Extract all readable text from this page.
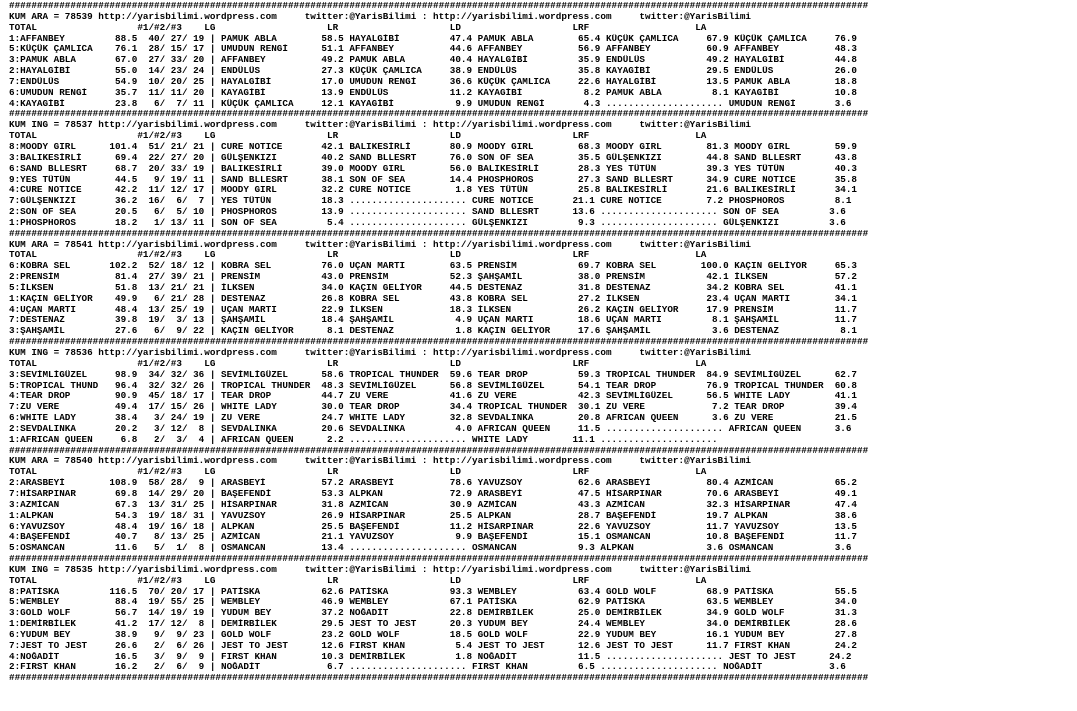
##########################################################################################################################################################
KUM ARA = 78539 http://yarisbilimi.wordpress.com     twitter:@YarisBilimi : http://yarisbilimi.wordpress.com     twitter:@YarisBilimi
TOTAL                  #1/#2/#3    LG                    LR                    LD                    LRF                   LA
1:AFFANBEY         88.5  40/ 27/ 19 | PAMUK ABLA        58.5 HAYALGİBİ         47.4 PAMUK ABLA        65.4 KÜÇÜK ÇAMLICA     67.9 KÜÇÜK ÇAMLICA     76.9
5:KÜÇÜK ÇAMLICA    76.1  28/ 15/ 17 | UMUDUN RENGİ      51.1 AFFANBEY          44.6 AFFANBEY          56.9 AFFANBEY          60.9 AFFANBEY          48.3
3:PAMUK ABLA       67.0  27/ 33/ 20 | AFFANBEY          49.2 PAMUK ABLA        40.4 HAYALGİBİ         35.9 ENDÜLÜS           49.2 HAYALGİBİ         44.8
2:HAYALGİBİ        55.0  14/ 23/ 24 | ENDÜLÜS           27.3 KÜÇÜK ÇAMLICA     38.9 ENDÜLÜS           35.8 KAYAGİBİ          29.5 ENDÜLÜS           26.0
7:ENDÜLÜS          54.9  10/ 20/ 25 | HAYALGİBİ         17.0 UMUDUN RENGİ      36.6 KÜÇÜK ÇAMLICA     22.6 HAYALGİBİ         13.5 PAMUK ABLA        18.8
6:UMUDUN RENGİ     35.7  11/ 11/ 20 | KAYAGİBİ          13.9 ENDÜLÜS           11.2 KAYAGİBİ           8.2 PAMUK ABLA         8.1 KAYAGİBİ          10.8
4:KAYAGİBİ         23.8   6/  7/ 11 | KÜÇÜK ÇAMLICA     12.1 KAYAGİBİ           9.9 UMUDUN RENGİ       4.3 ..................... UMUDUN RENGİ       3.6
##########################################################################################################################################################
KUM ING = 78537 http://yarisbilimi.wordpress.com     twitter:@YarisBilimi : http://yarisbilimi.wordpress.com     twitter:@YarisBilimi
TOTAL                  #1/#2/#3    LG                    LR                    LD                    LRF                   LA
8:MOODY GIRL      101.4  51/ 21/ 21 | CURE NOTICE       42.1 BALIKESİRLİ       80.9 MOODY GIRL        68.3 MOODY GIRL        81.3 MOODY GIRL        59.9
3:BALIKESİRLİ      69.4  22/ 27/ 20 | GÜLŞENKIZI        40.2 SAND BLLESRT      76.0 SON OF SEA        35.5 GÜLŞENKIZI        44.8 SAND BLLESRT      43.8
6:SAND BLLESRT     68.7  20/ 33/ 19 | BALIKESİRLİ       39.0 MOODY GIRL        56.0 BALIKESİRLİ       28.3 YES TÜTÜN         39.3 YES TÜTÜN         40.3
9:YES TÜTÜN        44.5   9/ 19/ 11 | SAND BLLESRT      38.1 SON OF SEA        14.4 PHOSPHOROS        27.3 SAND BLLESRT      34.9 CURE NOTICE       35.8
4:CURE NOTICE      42.2  11/ 12/ 17 | MOODY GIRL        32.2 CURE NOTICE        1.8 YES TÜTÜN         25.8 BALIKESİRLİ       21.6 BALIKESİRLİ       34.1
7:GÜLŞENKIZI       36.2  16/  6/  7 | YES TÜTÜN         18.3 ..................... CURE NOTICE       21.1 CURE NOTICE        7.2 PHOSPHOROS         8.1
2:SON OF SEA       20.5   6/  5/ 10 | PHOSPHOROS        13.9 ..................... SAND BLLESRT      13.6 ..................... SON OF SEA         3.6
1:PHOSPHOROS       18.2   1/ 13/ 11 | SON OF SEA         5.4 ..................... GÜLŞENKIZI         9.3 ..................... GÜLŞENKIZI         3.6
##########################################################################################################################################################
KUM ARA = 78541 http://yarisbilimi.wordpress.com     twitter:@YarisBilimi : http://yarisbilimi.wordpress.com     twitter:@YarisBilimi
TOTAL                  #1/#2/#3    LG                    LR                    LD                    LRF                   LA
6:KOBRA SEL       102.2  52/ 18/ 12 | KOBRA SEL         76.0 UÇAN MARTI        63.5 PRENSİM           69.7 KOBRA SEL        100.0 KAÇIN GELİYOR     65.3
2:PRENSİM          81.4  27/ 39/ 21 | PRENSİM           43.0 PRENSİM           52.3 ŞAHŞAMİL          38.0 PRENSİM           42.1 İLKSEN            57.2
5:İLKSEN           51.8  13/ 21/ 21 | İLKSEN            34.0 KAÇIN GELİYOR     44.5 DESTENAZ          31.8 DESTENAZ          34.2 KOBRA SEL         41.1
1:KAÇIN GELİYOR    49.9   6/ 21/ 28 | DESTENAZ          26.8 KOBRA SEL         43.8 KOBRA SEL         27.2 İLKSEN            23.4 UÇAN MARTI        34.1
4:UÇAN MARTI       48.4  13/ 25/ 19 | UÇAN MARTI        22.9 İLKSEN            18.3 İLKSEN            26.2 KAÇIN GELİYOR     17.9 PRENSİM           11.7
7:DESTENAZ         39.8  19/  3/ 13 | ŞAHŞAMİL          18.4 ŞAHŞAMİL           4.9 UÇAN MARTI        18.6 UÇAN MARTI         8.1 ŞAHŞAMİL          11.7
3:ŞAHŞAMİL         27.6   6/  9/ 22 | KAÇIN GELİYOR      8.1 DESTENAZ           1.8 KAÇIN GELİYOR     17.6 ŞAHŞAMİL           3.6 DESTENAZ           8.1
##########################################################################################################################################################
KUM ING = 78536 http://yarisbilimi.wordpress.com     twitter:@YarisBilimi : http://yarisbilimi.wordpress.com     twitter:@YarisBilimi
TOTAL                  #1/#2/#3    LG                    LR                    LD                    LRF                   LA
3:SEVİMLİGÜZEL     98.9  34/ 32/ 36 | SEVİMLİGÜZEL      58.6 TROPICAL THUNDER  59.6 TEAR DROP         59.3 TROPICAL THUNDER  84.9 SEVİMLİGÜZEL      62.7
5:TROPICAL THUND   96.4  32/ 32/ 26 | TROPICAL THUNDER  48.3 SEVİMLİGÜZEL      56.8 SEVİMLİGÜZEL      54.1 TEAR DROP         76.9 TROPICAL THUNDER  60.8
4:TEAR DROP        90.9  45/ 18/ 17 | TEAR DROP         44.7 ZU VERE           41.6 ZU VERE           42.3 SEVİMLİGÜZEL      56.5 WHITE LADY        41.1
7:ZU VERE          49.4  17/ 15/ 26 | WHITE LADY        30.0 TEAR DROP         34.4 TROPICAL THUNDER  30.1 ZU VERE            7.2 TEAR DROP         39.4
6:WHITE LADY       38.4   3/ 24/ 19 | ZU VERE           24.7 WHITE LADY        32.8 SEVDALINKA        20.8 AFRICAN QUEEN      3.6 ZU VERE           21.5
2:SEVDALINKA       20.2   3/ 12/  8 | SEVDALINKA        20.6 SEVDALINKA         4.0 AFRICAN QUEEN     11.5 ..................... AFRICAN QUEEN      3.6
1:AFRICAN QUEEN     6.8   2/  3/  4 | AFRICAN QUEEN      2.2 ..................... WHITE LADY        11.1 .....................
##########################################################################################################################################################
KUM ARA = 78540 http://yarisbilimi.wordpress.com     twitter:@YarisBilimi : http://yarisbilimi.wordpress.com     twitter:@YarisBilimi
TOTAL                  #1/#2/#3    LG                    LR                    LD                    LRF                   LA
2:ARASBEYİ        108.9  58/ 28/  9 | ARASBEYİ          57.2 ARASBEYİ          78.6 YAVUZSOY          62.6 ARASBEYİ          80.4 AZMİCAN           65.2
7:HİSARPINAR       69.8  14/ 29/ 20 | BAŞEFENDİ         53.3 ALPKAN            72.9 ARASBEYİ          47.5 HİSARPINAR        70.6 ARASBEYİ          49.1
3:AZMİCAN          67.3  13/ 31/ 25 | HİSARPINAR        31.8 AZMİCAN           30.9 AZMİCAN           43.3 AZMİCAN           32.3 HİSARPINAR        47.4
1:ALPKAN           54.3  19/ 18/ 31 | YAVUZSOY          26.9 HİSARPINAR        25.5 ALPKAN            28.7 BAŞEFENDİ         19.7 ALPKAN            38.6
6:YAVUZSOY         48.4  19/ 16/ 18 | ALPKAN            25.5 BAŞEFENDİ         11.2 HİSARPINAR        22.6 YAVUZSOY          11.7 YAVUZSOY          13.5
4:BAŞEFENDİ        40.7   8/ 13/ 25 | AZMİCAN           21.1 YAVUZSOY           9.9 BAŞEFENDİ         15.1 OSMANCAN          10.8 BAŞEFENDİ         11.7
5:OSMANCAN         11.6   5/  1/  8 | OSMANCAN          13.4 ..................... OSMANCAN           9.3 ALPKAN             3.6 OSMANCAN           3.6
##########################################################################################################################################################
KUM ING = 78535 http://yarisbilimi.wordpress.com     twitter:@YarisBilimi : http://yarisbilimi.wordpress.com     twitter:@YarisBilimi
TOTAL                  #1/#2/#3    LG                    LR                    LD                    LRF                   LA
8:PATİSKA         116.5  70/ 20/ 17 | PATİSKA           62.6 PATİSKA           93.3 WEMBLEY           63.4 GOLD WOLF         68.9 PATİSKA           55.5
5:WEMBLEY          88.4  19/ 55/ 25 | WEMBLEY           46.9 WEMBLEY           67.1 PATİSKA           62.9 PATİSKA           63.5 WEMBLEY           34.0
3:GOLD WOLF        56.7  14/ 19/ 19 | YUDUM BEY         37.2 NOĞADİT           22.8 DEMİRBİLEK        25.0 DEMİRBİLEK        34.9 GOLD WOLF         31.3
1:DEMİRBİLEK       41.2  17/ 12/  8 | DEMİRBİLEK        29.5 JEST TO JEST      20.3 YUDUM BEY         24.4 WEMBLEY           34.0 DEMİRBİLEK        28.6
6:YUDUM BEY        38.9   9/  9/ 23 | GOLD WOLF         23.2 GOLD WOLF         18.5 GOLD WOLF         22.9 YUDUM BEY         16.1 YUDUM BEY         27.8
7:JEST TO JEST     26.6   2/  6/ 26 | JEST TO JEST      12.6 FIRST KHAN         5.4 JEST TO JEST      12.6 JEST TO JEST      11.7 FIRST KHAN        24.2
4:NOĞADİT          16.5   3/  9/  9 | FIRST KHAN        10.3 DEMİRBİLEK         1.8 NOĞADİT           11.5 ..................... JEST TO JEST      24.2
2:FIRST KHAN       16.2   2/  6/  9 | NOĞADİT            6.7 ..................... FIRST KHAN         6.5 ..................... NOĞADİT            3.6
##########################################################################################################################################################
